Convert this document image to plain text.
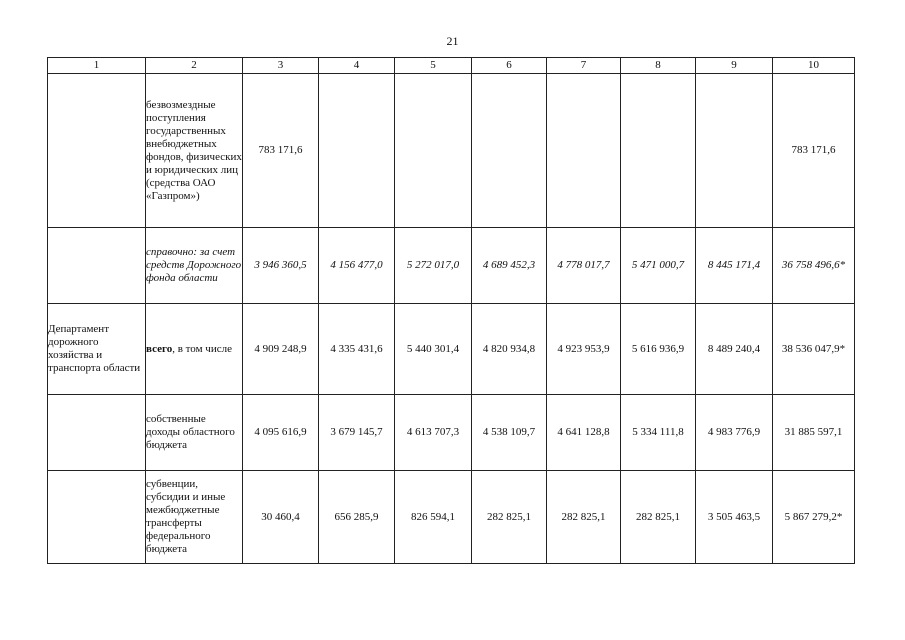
21
1	2	3	4	5	6	7	8	9	10

	безвозмездные поступления государственных внебюджетных фондов, физических и юридических лиц (средства ОАО «Газпром»)	783 171,6							783 171,6

	справочно: за счет средств Дорожного фонда области	3 946 360,5	4 156 477,0	5 272 017,0	4 689 452,3	4 778 017,7	5 471 000,7	8 445 171,4	36 758 496,6*
Департамент дорожного хозяйства и транспорта области	всего, в том числе	4 909 248,9	4 335 431,6	5 440 301,4	4 820 934,8	4 923 953,9	5 616 936,9	8 489 240,4	38 536 047,9*

	собственные доходы областного бюджета	4 095 616,9	3 679 145,7	4 613 707,3	4 538 109,7	4 641 128,8	5 334 111,8	4 983 776,9	31 885 597,1

	субвенции, субсидии и иные межбюджетные трансферты федерального бюджета	30 460,4	656 285,9	826 594,1	282 825,1	282 825,1	282 825,1	3 505 463,5	5 867 279,2*
